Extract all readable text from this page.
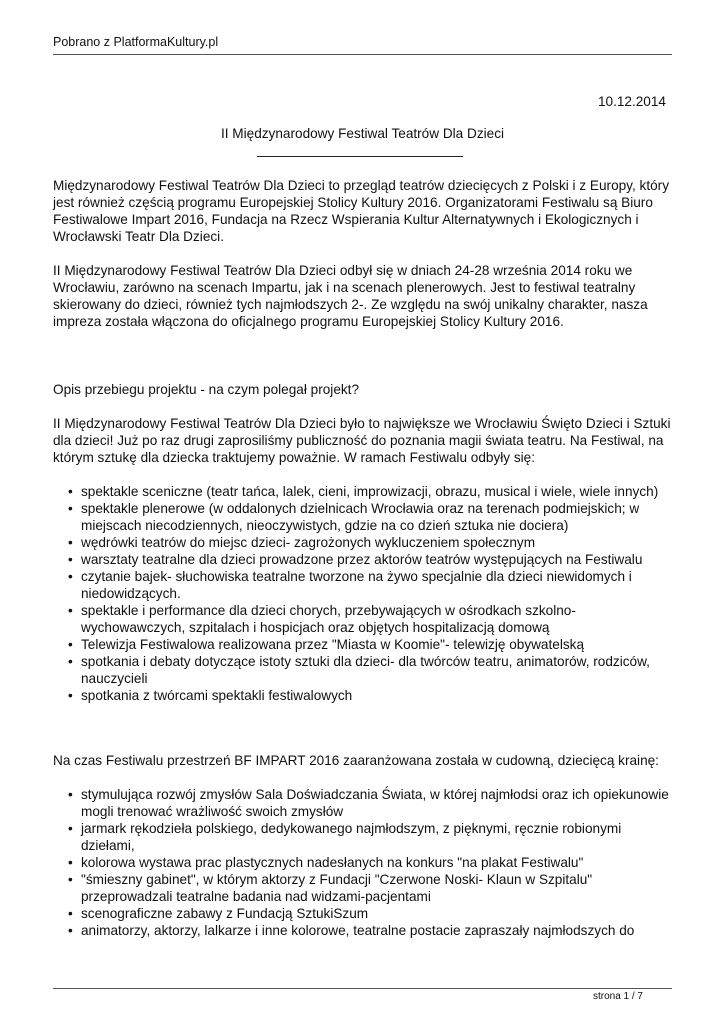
Pobrano z PlatformaKultury.pl
10.12.2014
II Międzynarodowy Festiwal Teatrów Dla Dzieci

Międzynarodowy Festiwal Teatrów Dla Dzieci to przegląd teatrów dziecięcych z Polski i z Europy, który jest również częścią programu Europejskiej Stolicy Kultury 2016. Organizatorami Festiwalu są Biuro Festiwalowe Impart 2016, Fundacja na Rzecz Wspierania Kultur Alternatywnych i Ekologicznych i Wrocławski Teatr Dla Dzieci.

II Międzynarodowy Festiwal Teatrów Dla Dzieci odbył się w dniach 24-28 września 2014 roku we Wrocławiu, zarówno na scenach Impartu, jak i na scenach plenerowych. Jest to festiwal teatralny skierowany do dzieci, również tych najmłodszych 2-. Ze względu na swój unikalny charakter, nasza impreza została włączona do oficjalnego programu Europejskiej Stolicy Kultury 2016.

Opis przebiegu projektu - na czym polegał projekt?

II Międzynarodowy Festiwal Teatrów Dla Dzieci było to największe we Wrocławiu Święto Dzieci i Sztuki dla dzieci! Już po raz drugi zaprosiliśmy publiczność do poznania magii świata teatru. Na Festiwal, na którym sztukę dla dziecka traktujemy poważnie. W ramach Festiwalu odbyły się:

• spektakle sceniczne (teatr tańca, lalek, cieni, improwizacji, obrazu, musical i wiele, wiele innych)
• spektakle plenerowe (w oddalonych dzielnicach Wrocławia oraz na terenach podmiejskich; w miejscach niecodziennych, nieoczywistych, gdzie na co dzień sztuka nie dociera)
• wędrówki teatrów do miejsc dzieci- zagrożonych wykluczeniem społecznym
• warsztaty teatralne dla dzieci prowadzone przez aktorów teatrów występujących na Festiwalu
• czytanie bajek- słuchowiska teatralne tworzone na żywo specjalnie dla dzieci niewidomych i niedowidzących.
• spektakle i performance dla dzieci chorych, przebywających w ośrodkach szkolno-wychowawczych, szpitalach i hospicjach oraz objętych hospitalizacją domową
• Telewizja Festiwalowa realizowana przez "Miasta w Koomie"- telewizję obywatelską
• spotkania i debaty dotyczące istoty sztuki dla dzieci- dla twórców teatru, animatorów, rodziców, nauczycieli
• spotkania z twórcami spektakli festiwalowych

Na czas Festiwalu przestrzeń BF IMPART 2016 zaaranżowana została w cudowną, dziecięcą krainę:

• stymulująca rozwój zmysłów Sala Doświadczania Świata, w której najmłodsi oraz ich opiekunowie mogli trenować wrażliwość swoich zmysłów
• jarmark rękodzieła polskiego, dedykowanego najmłodszym, z pięknymi, ręcznie robionymi dziełami,
• kolorowa wystawa prac plastycznych nadesłanych na konkurs "na plakat Festiwalu"
• "śmieszny gabinet", w którym aktorzy z Fundacji "Czerwone Noski- Klaun w Szpitalu" przeprowadzali teatralne badania nad widzami-pacjentami
• scenograficzne zabawy z Fundacją SztukiSzum
• animatorzy, aktorzy, lalkarze i inne kolorowe, teatralne postacie zapraszały najmłodszych do
strona 1 / 7
